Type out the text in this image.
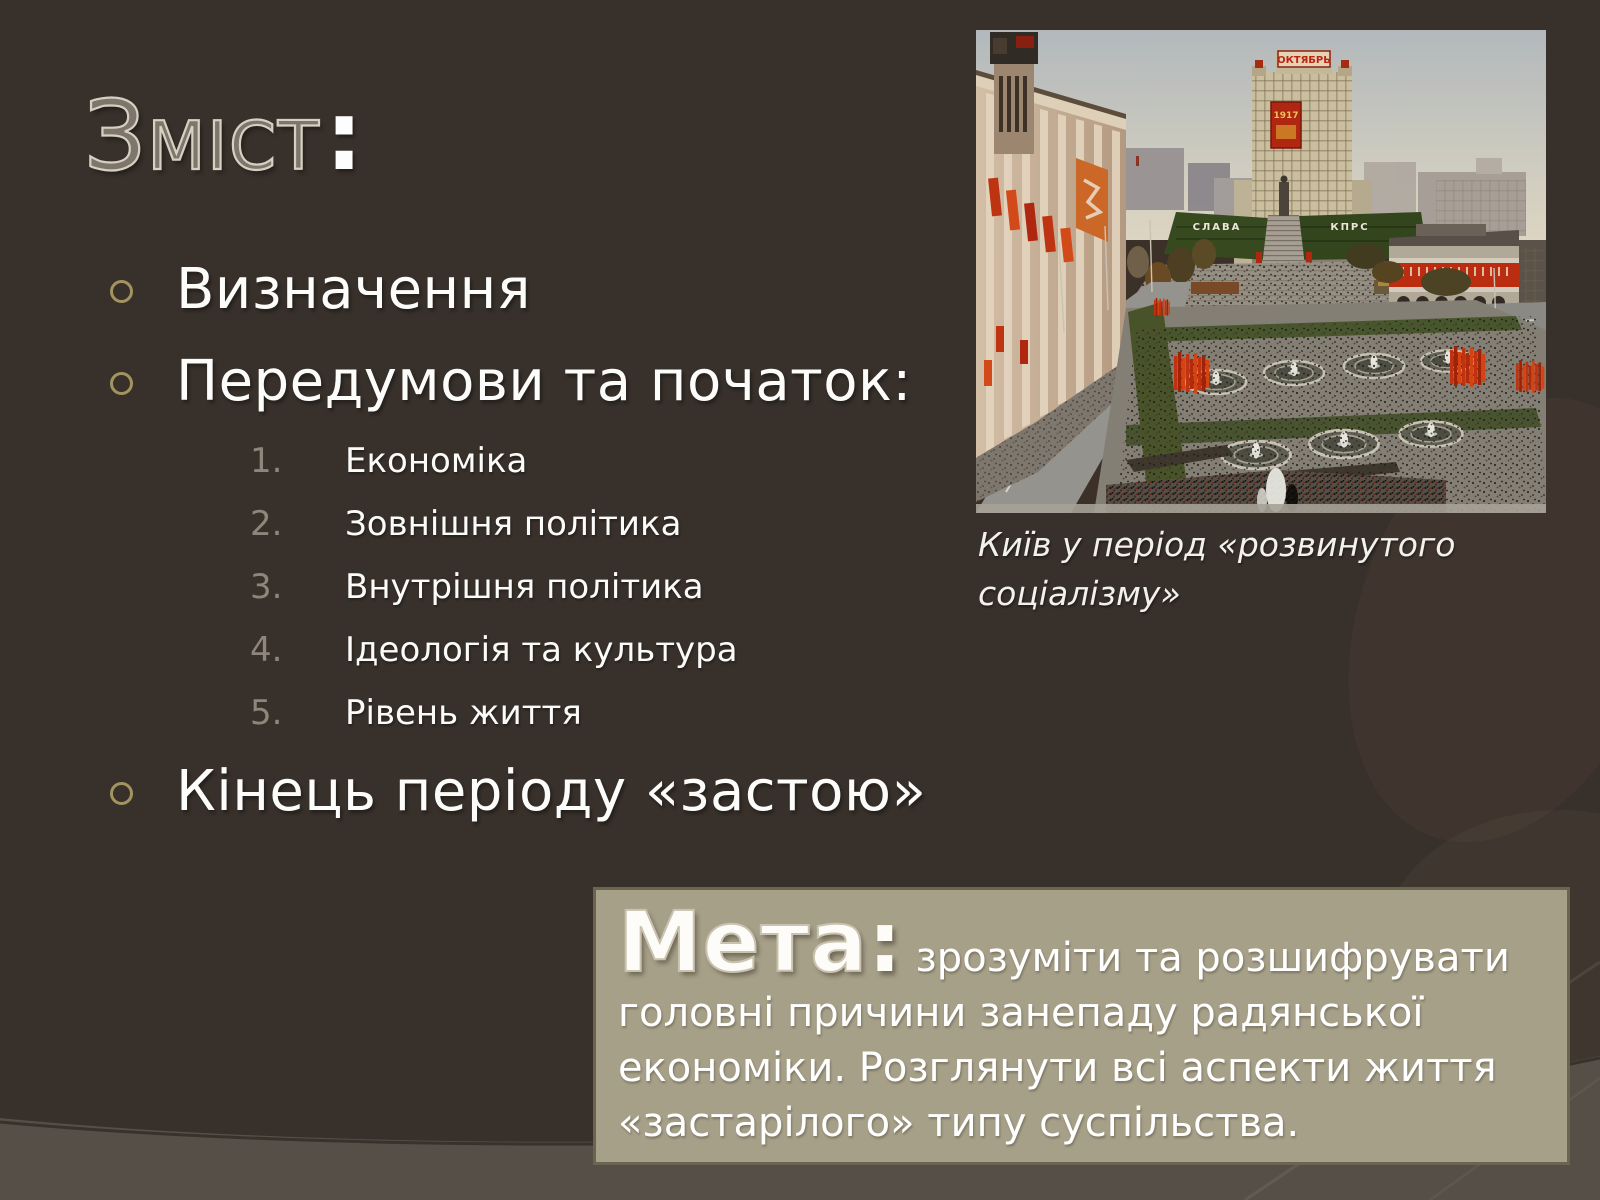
Зміст:
Визначення
Передумови та початок:
1.	Економіка
2.	Зовнішня політика
3.	Внутрішня політика
4.	Ідеологія та культура
5.	Рівень життя
Кінець періоду «застою»
Київ у період «розвинутого
соціалізму»
Мета: зрозуміти та розшифрувати
головні причини занепаду радянської
економіки. Розглянути всі аспекти життя
«застарілого» типу суспільства.
